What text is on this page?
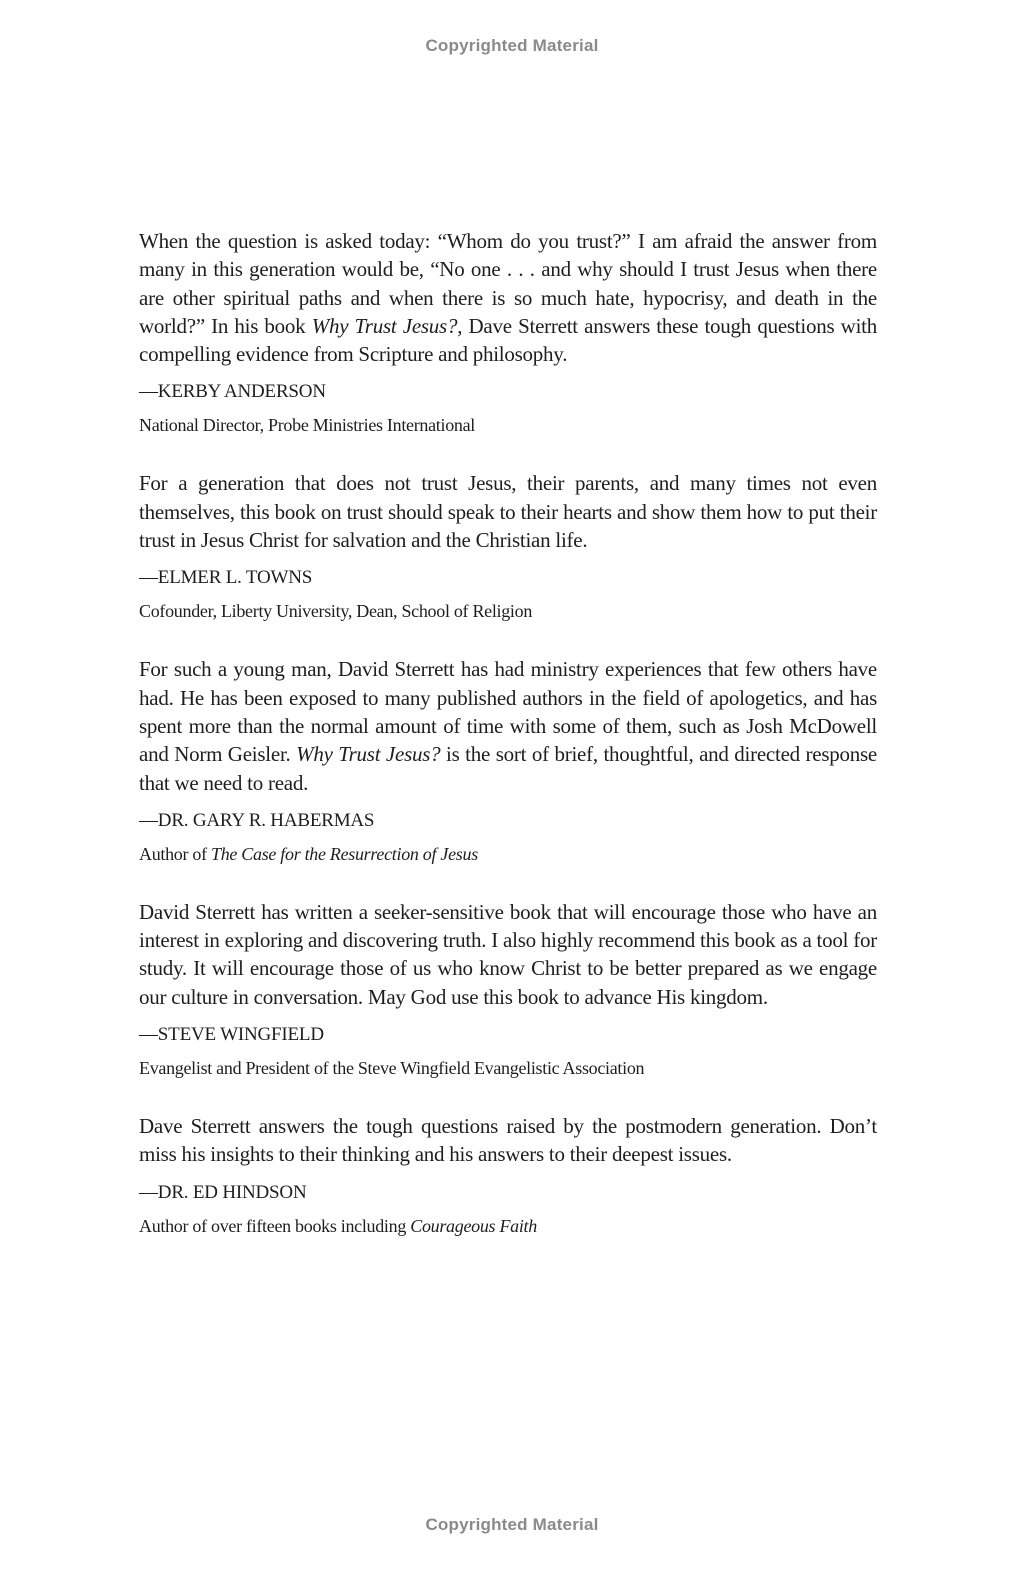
Copyrighted Material

When the question is asked today: “Whom do you trust?” I am afraid the answer from many in this generation would be, “No one . . . and why should I trust Jesus when there are other spiritual paths and when there is so much hate, hypocrisy, and death in the world?” In his book Why Trust Jesus?, Dave Sterrett answers these tough questions with compelling evidence from Scripture and philosophy.

—KERBY ANDERSON

National Director, Probe Ministries International

For a generation that does not trust Jesus, their parents, and many times not even themselves, this book on trust should speak to their hearts and show them how to put their trust in Jesus Christ for salvation and the Christian life.

—ELMER L. TOWNS

Cofounder, Liberty University, Dean, School of Religion

For such a young man, David Sterrett has had ministry experiences that few others have had. He has been exposed to many published authors in the field of apologetics, and has spent more than the normal amount of time with some of them, such as Josh McDowell and Norm Geisler. Why Trust Jesus? is the sort of brief, thoughtful, and directed response that we need to read.

—DR. GARY R. HABERMAS

Author of The Case for the Resurrection of Jesus

David Sterrett has written a seeker-sensitive book that will encourage those who have an interest in exploring and discovering truth. I also highly recommend this book as a tool for study. It will encourage those of us who know Christ to be better prepared as we engage our culture in conversation. May God use this book to advance His kingdom.

—STEVE WINGFIELD

Evangelist and President of the Steve Wingfield Evangelistic Association

Dave Sterrett answers the tough questions raised by the postmodern generation. Don’t miss his insights to their thinking and his answers to their deepest issues.

—DR. ED HINDSON

Author of over fifteen books including Courageous Faith

Copyrighted Material
